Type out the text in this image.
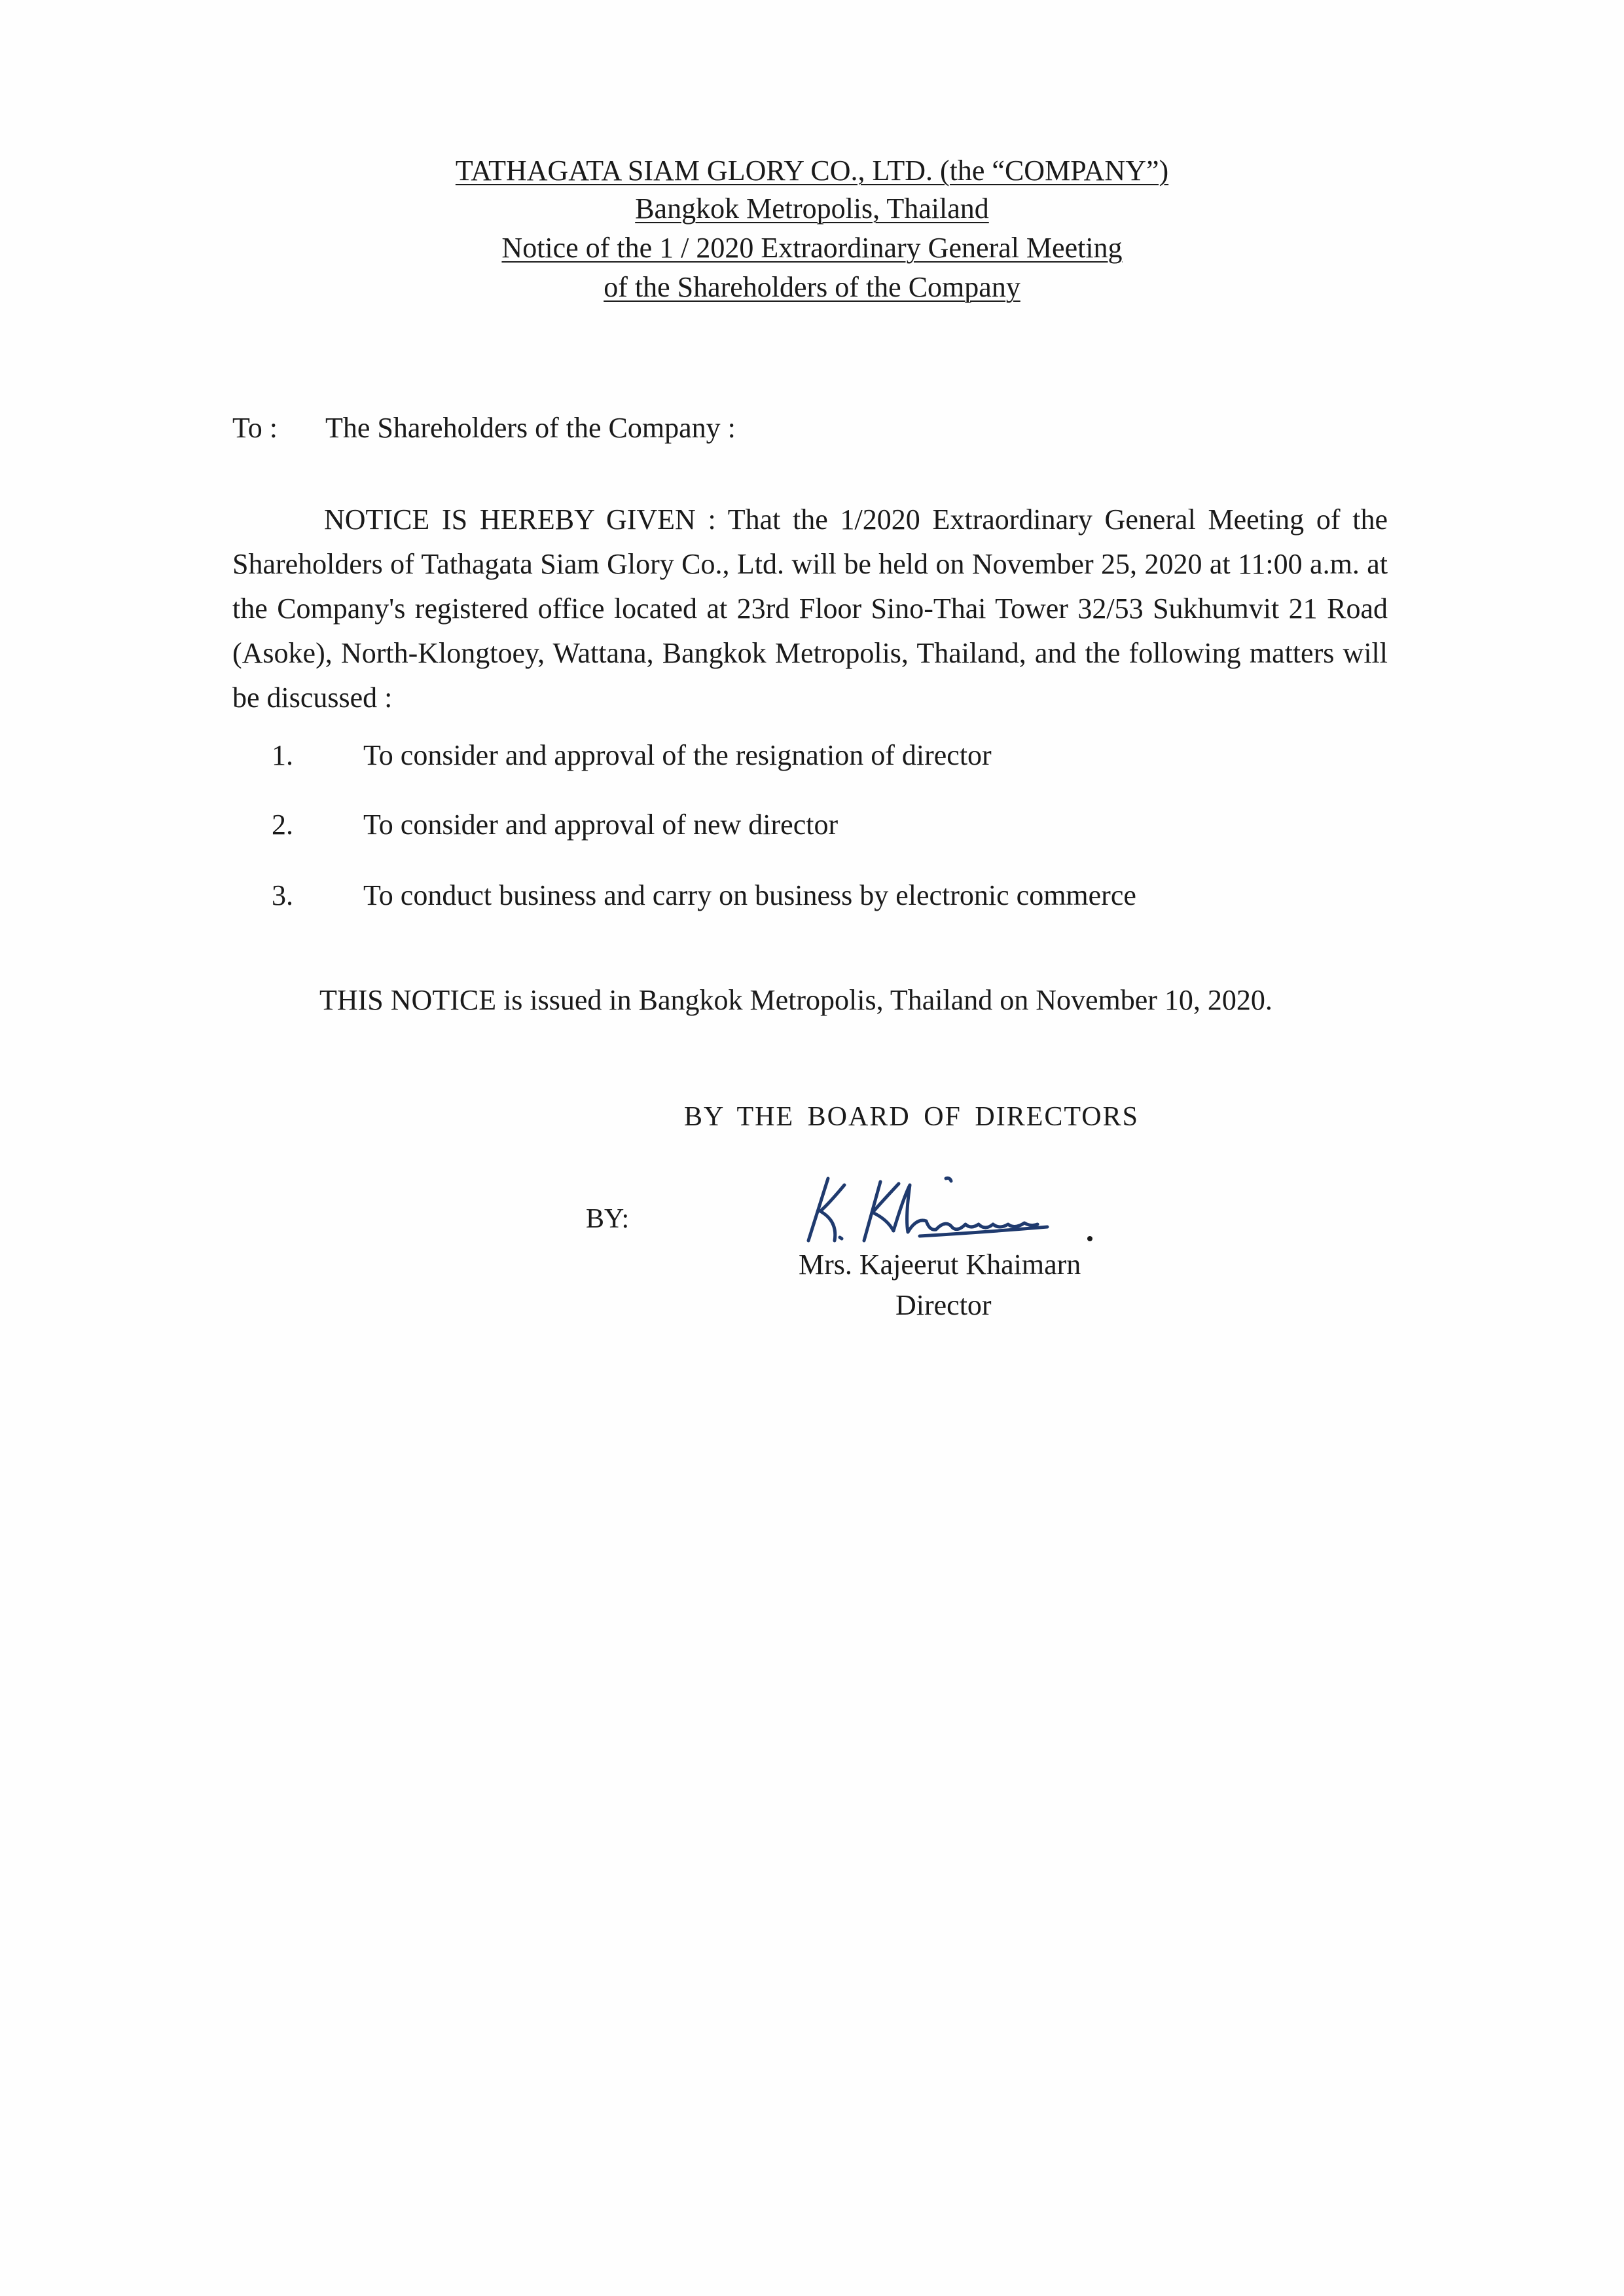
TATHAGATA SIAM GLORY CO., LTD. (the “COMPANY”)
Bangkok Metropolis, Thailand
Notice of the 1 / 2020 Extraordinary General Meeting
of the Shareholders of the Company
To : The Shareholders of the Company :
NOTICE IS HEREBY GIVEN : That the 1/2020 Extraordinary General Meeting of the Shareholders of Tathagata Siam Glory Co., Ltd. will be held on November 25, 2020 at 11:00 a.m. at the Company's registered office located at 23rd Floor Sino-Thai Tower 32/53 Sukhumvit 21 Road (Asoke), North-Klongtoey, Wattana, Bangkok Metropolis, Thailand, and the following matters will be discussed :
1. To consider and approval of the resignation of director
2. To consider and approval of new director
3. To conduct business and carry on business by electronic commerce
THIS NOTICE is issued in Bangkok Metropolis, Thailand on November 10, 2020.
BY THE BOARD OF DIRECTORS
BY:
Mrs. Kajeerut Khaimarn
Director
